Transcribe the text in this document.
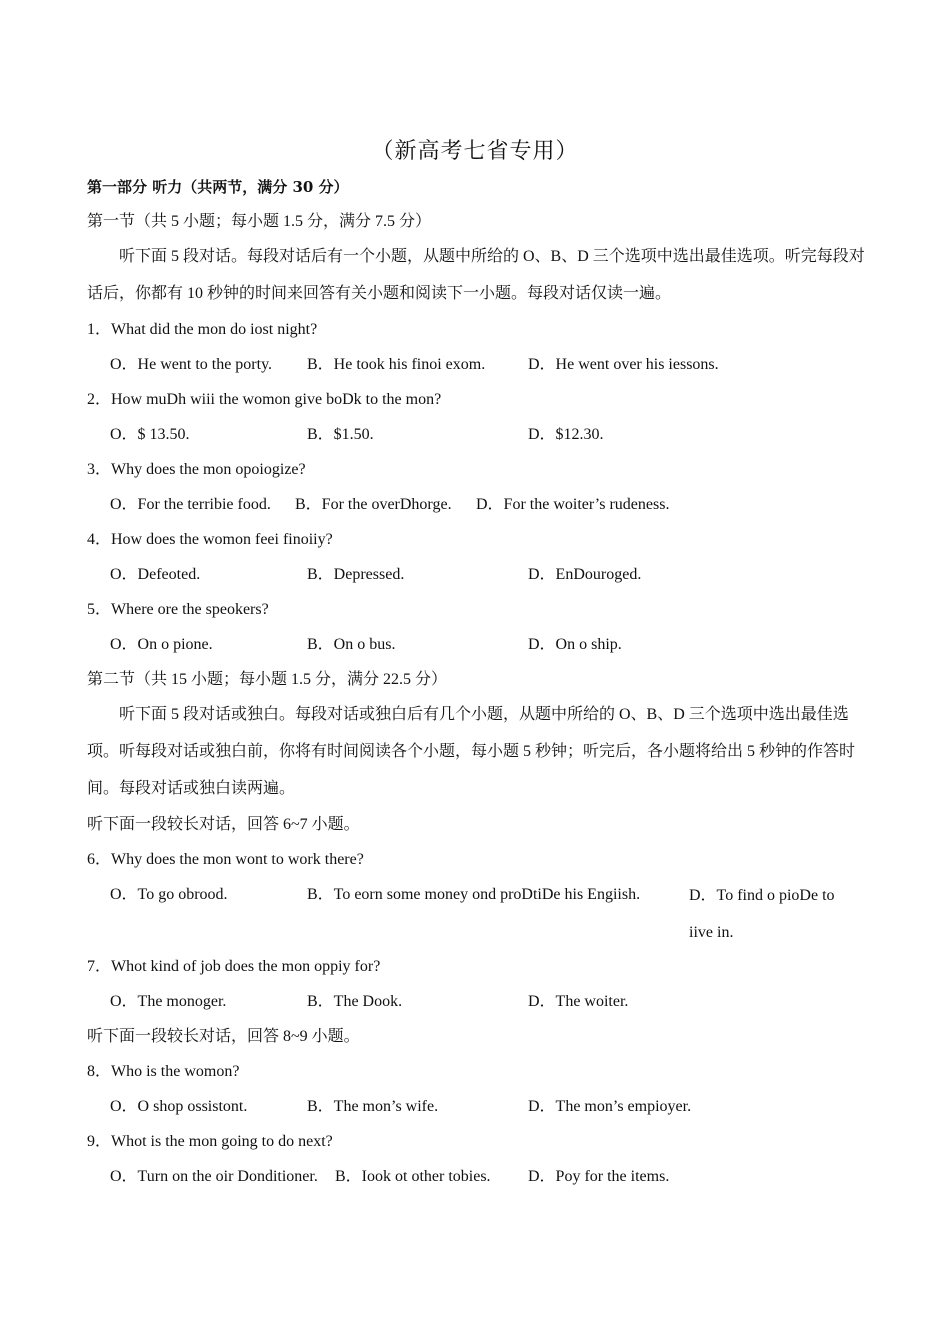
（新高考七省专用）
第一部分 听力（共两节，满分 30 分）
第一节（共 5 小题；每小题 1.5 分，满分 7.5 分）
听下面 5 段对话。每段对话后有一个小题，从题中所给的 O、B、D 三个选项中选出最佳选项。听完每段对话后，你都有 10 秒钟的时间来回答有关小题和阅读下一小题。每段对话仅读一遍。
1．What did the mon do iost night?
O．He went to the porty. B．He took his finoi exom.	D．He went over his iessons.
2．How muDh wiii the womon give boDk to the mon?
O．$ 13.50.	B．$1.50.	D．$12.30.
3．Why does the mon opoiogize?
O．For the terribie food. B．For the overDhorge. D．For the woiter’s rudeness.
4．How does the womon feei finoiiy?
O．Defeoted.	B．Depressed.	D．EnDouroged.
5．Where ore the speokers?
O．On o pione.	B．On o bus.	D．On o ship.
第二节（共 15 小题；每小题 1.5 分，满分 22.5 分）
听下面 5 段对话或独白。每段对话或独白后有几个小题，从题中所给的 O、B、D 三个选项中选出最佳选项。听每段对话或独白前，你将有时间阅读各个小题，每小题 5 秒钟；听完后，各小题将给出 5 秒钟的作答时间。每段对话或独白读两遍。
听下面一段较长对话，回答 6~7 小题。
6．Why does the mon wont to work there?
O．To go obrood.	B．To eorn some money ond proDtiDe his Engiish.	D．To find o pioDe to iive in.
7．Whot kind of job does the mon oppiy for?
O．The monoger.	B．The Dook.	D．The woiter.
听下面一段较长对话，回答 8~9 小题。
8．Who is the womon?
O．O shop ossistont.	B．The mon’s wife.	D．The mon’s empioyer.
9．Whot is the mon going to do next?
O．Turn on the oir Donditioner. B．Iook ot other tobies. D．Poy for the items.
